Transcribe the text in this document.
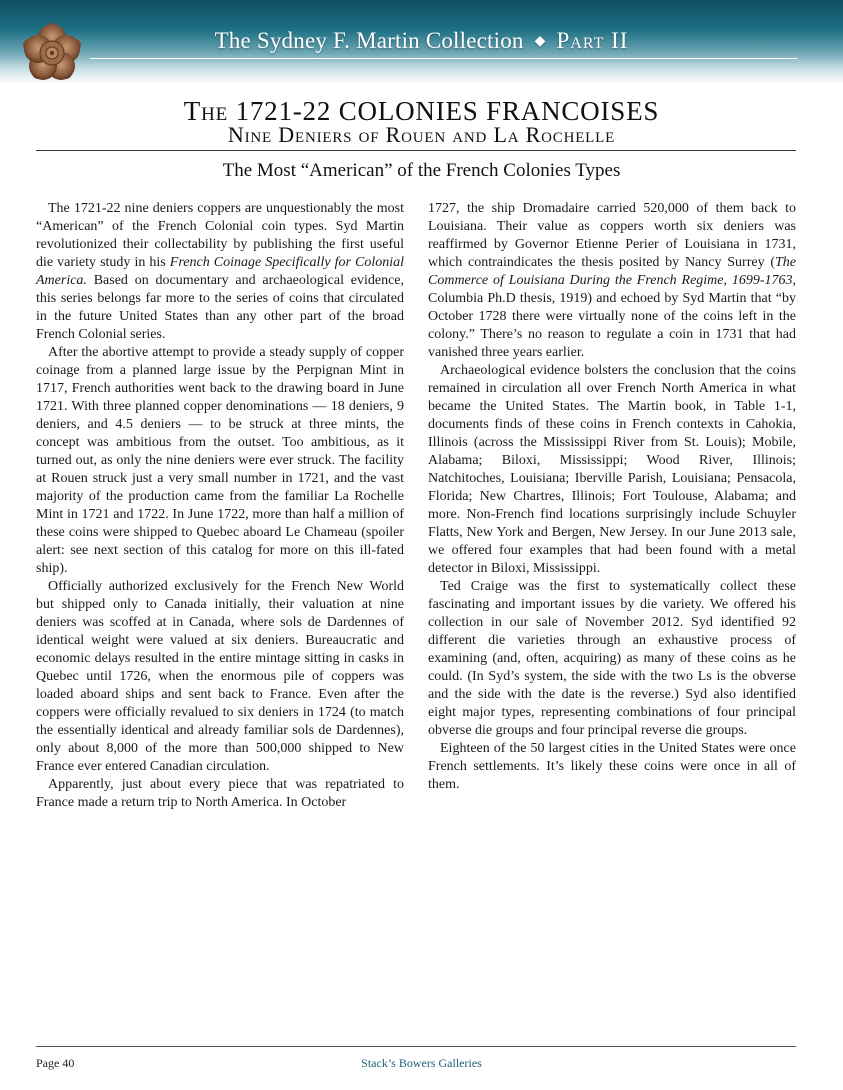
The Sydney F. Martin Collection ◆ Part II
The 1721-22 COLONIES FRANCOISES
Nine Deniers of Rouen and La Rochelle
The Most “American” of the French Colonies Types

The 1721-22 nine deniers coppers are unquestionably the most “American” of the French Colonial coin types. Syd Martin revolutionized their collectability by publishing the first useful die variety study in his French Coinage Specifically for Colonial America. Based on documentary and archaeological evidence, this series belongs far more to the series of coins that circulated in the future United States than any other part of the broad French Colonial series.

After the abortive attempt to provide a steady supply of copper coinage from a planned large issue by the Perpignan Mint in 1717, French authorities went back to the drawing board in June 1721. With three planned copper denominations — 18 deniers, 9 deniers, and 4.5 deniers — to be struck at three mints, the concept was ambitious from the outset. Too ambitious, as it turned out, as only the nine deniers were ever struck. The facility at Rouen struck just a very small number in 1721, and the vast majority of the production came from the familiar La Rochelle Mint in 1721 and 1722. In June 1722, more than half a million of these coins were shipped to Quebec aboard Le Chameau (spoiler alert: see next section of this catalog for more on this ill-fated ship).

Officially authorized exclusively for the French New World but shipped only to Canada initially, their valuation at nine deniers was scoffed at in Canada, where sols de Dardennes of identical weight were valued at six deniers. Bureaucratic and economic delays resulted in the entire mintage sitting in casks in Quebec until 1726, when the enormous pile of coppers was loaded aboard ships and sent back to France. Even after the coppers were officially revalued to six deniers in 1724 (to match the essentially identical and already familiar sols de Dardennes), only about 8,000 of the more than 500,000 shipped to New France ever entered Canadian circulation.

Apparently, just about every piece that was repatriated to France made a return trip to North America. In October

1727, the ship Dromadaire carried 520,000 of them back to Louisiana. Their value as coppers worth six deniers was reaffirmed by Governor Etienne Perier of Louisiana in 1731, which contraindicates the thesis posited by Nancy Surrey (The Commerce of Louisiana During the French Regime, 1699-1763, Columbia Ph.D thesis, 1919) and echoed by Syd Martin that “by October 1728 there were virtually none of the coins left in the colony.” There’s no reason to regulate a coin in 1731 that had vanished three years earlier.

Archaeological evidence bolsters the conclusion that the coins remained in circulation all over French North America in what became the United States. The Martin book, in Table 1-1, documents finds of these coins in French contexts in Cahokia, Illinois (across the Mississippi River from St. Louis); Mobile, Alabama; Biloxi, Mississippi; Wood River, Illinois; Natchitoches, Louisiana; Iberville Parish, Louisiana; Pensacola, Florida; New Chartres, Illinois; Fort Toulouse, Alabama; and more. Non-French find locations surprisingly include Schuyler Flatts, New York and Bergen, New Jersey. In our June 2013 sale, we offered four examples that had been found with a metal detector in Biloxi, Mississippi.

Ted Craige was the first to systematically collect these fascinating and important issues by die variety. We offered his collection in our sale of November 2012. Syd identified 92 different die varieties through an exhaustive process of examining (and, often, acquiring) as many of these coins as he could. (In Syd’s system, the side with the two Ls is the obverse and the side with the date is the reverse.) Syd also identified eight major types, representing combinations of four principal obverse die groups and four principal reverse die groups.

Eighteen of the 50 largest cities in the United States were once French settlements. It’s likely these coins were once in all of them.

Page 40	Stack’s Bowers Galleries
